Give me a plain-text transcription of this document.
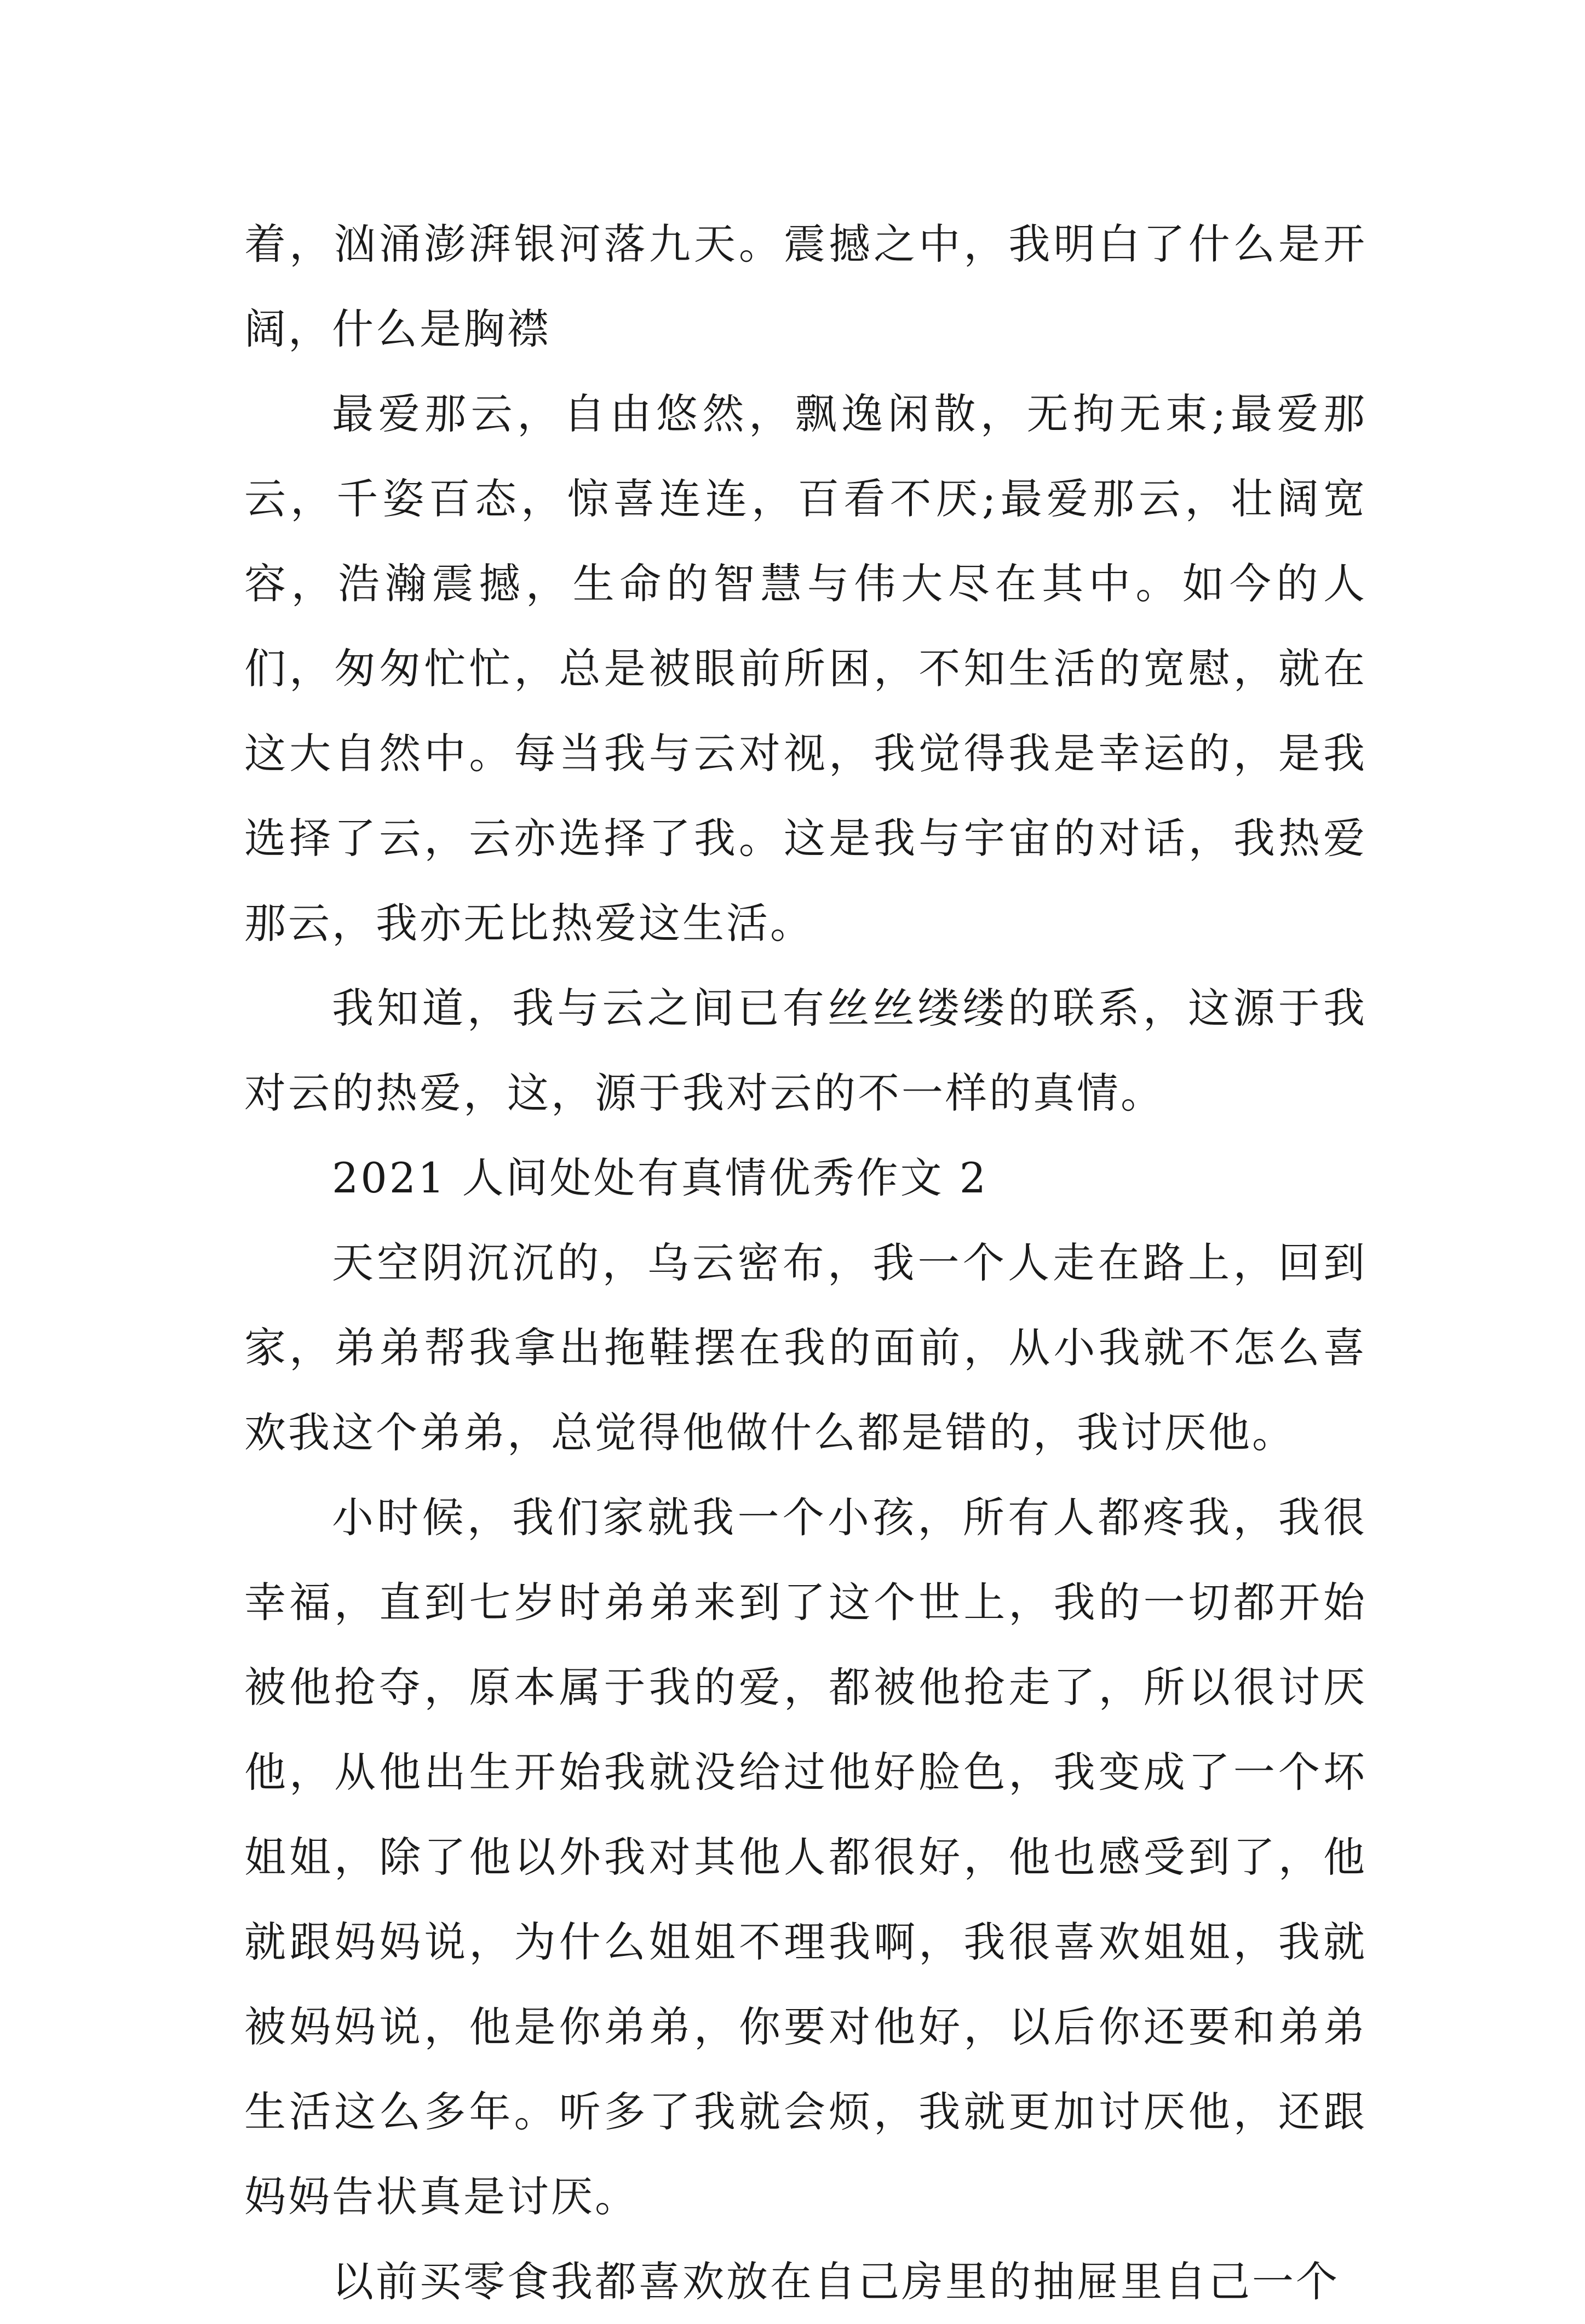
着，汹涌澎湃银河落九天。震撼之中，我明白了什么是开阔，什么是胸襟

最爱那云，自由悠然，飘逸闲散，无拘无束;最爱那云，千姿百态，惊喜连连，百看不厌;最爱那云，壮阔宽容，浩瀚震撼，生命的智慧与伟大尽在其中。如今的人们，匆匆忙忙，总是被眼前所困，不知生活的宽慰，就在这大自然中。每当我与云对视，我觉得我是幸运的，是我选择了云，云亦选择了我。这是我与宇宙的对话，我热爱那云，我亦无比热爱这生活。

我知道，我与云之间已有丝丝缕缕的联系，这源于我对云的热爱，这，源于我对云的不一样的真情。

2021 人间处处有真情优秀作文 2

天空阴沉沉的，乌云密布，我一个人走在路上，回到家，弟弟帮我拿出拖鞋摆在我的面前，从小我就不怎么喜欢我这个弟弟，总觉得他做什么都是错的，我讨厌他。

小时候，我们家就我一个小孩，所有人都疼我，我很幸福，直到七岁时弟弟来到了这个世上，我的一切都开始被他抢夺，原本属于我的爱，都被他抢走了，所以很讨厌他，从他出生开始我就没给过他好脸色，我变成了一个坏姐姐，除了他以外我对其他人都很好，他也感受到了，他就跟妈妈说，为什么姐姐不理我啊，我很喜欢姐姐，我就被妈妈说，他是你弟弟，你要对他好，以后你还要和弟弟生活这么多年。听多了我就会烦，我就更加讨厌他，还跟妈妈告状真是讨厌。

以前买零食我都喜欢放在自己房里的抽屉里自己一个
